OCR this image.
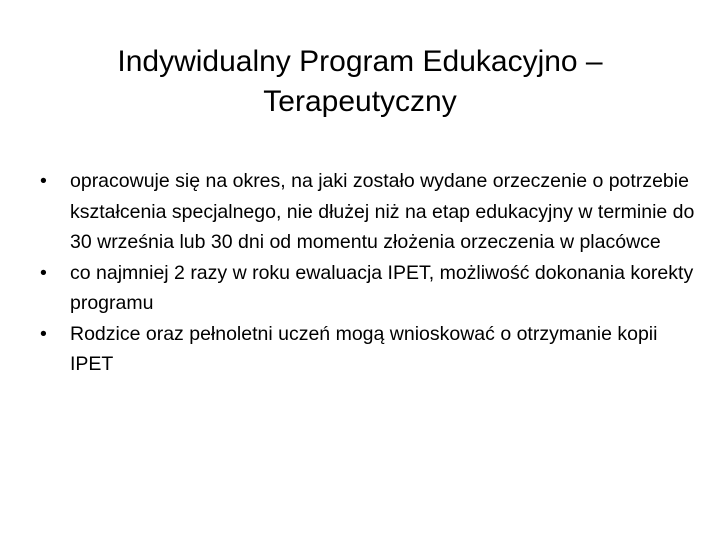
Indywidualny Program Edukacyjno –
Terapeutyczny
•	opracowuje się na okres, na jaki zostało wydane orzeczenie o potrzebie kształcenia specjalnego, nie dłużej niż na etap edukacyjny w terminie do 30 września lub 30 dni od momentu złożenia orzeczenia w placówce
•	co najmniej 2 razy w roku ewaluacja IPET, możliwość dokonania korekty programu
•	Rodzice oraz pełnoletni uczeń mogą wnioskować o otrzymanie kopii IPET
